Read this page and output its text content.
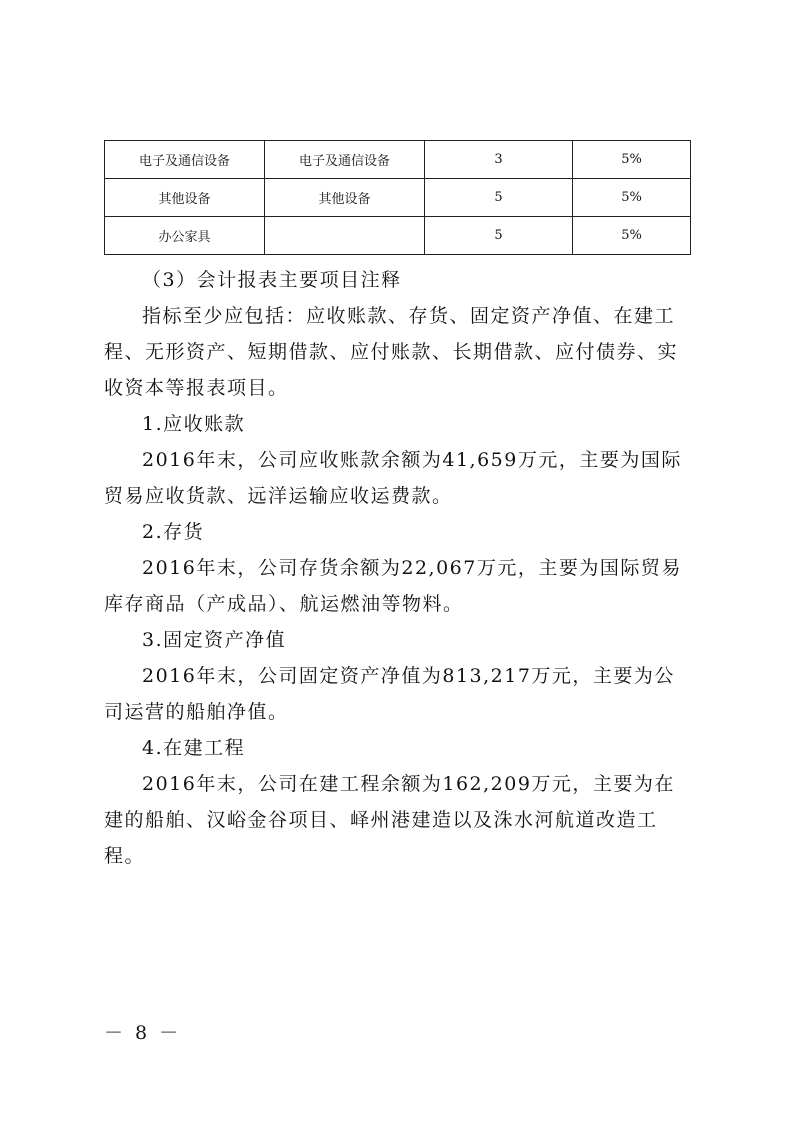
电子及通信设备	电子及通信设备	3	5%
其他设备	其他设备	5	5%
办公家具		5	5%

（3）会计报表主要项目注释

指标至少应包括：应收账款、存货、固定资产净值、在建工程、无形资产、短期借款、应付账款、长期借款、应付债券、实收资本等报表项目。

1.应收账款

2016年末，公司应收账款余额为41,659万元，主要为国际贸易应收货款、远洋运输应收运费款。

2.存货

2016年末，公司存货余额为22,067万元，主要为国际贸易库存商品（产成品）、航运燃油等物料。

3.固定资产净值

2016年末，公司固定资产净值为813,217万元，主要为公司运营的船舶净值。

4.在建工程

2016年末，公司在建工程余额为162,209万元，主要为在建的船舶、汉峪金谷项目、峄州港建造以及洙水河航道改造工程。

－ 8 －
